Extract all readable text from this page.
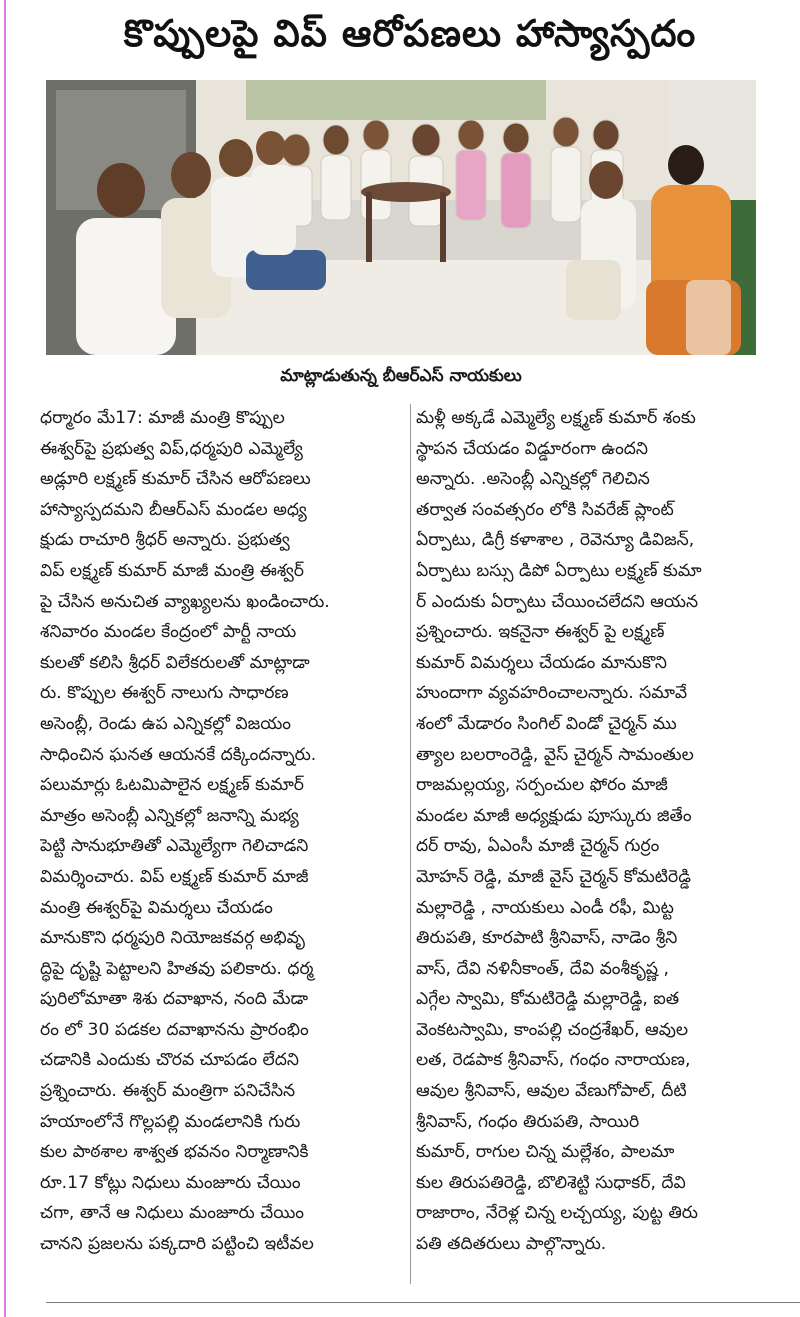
కొప్పులపై విప్ ఆరోపణలు హాస్యాస్పదం
మాట్లాడుతున్న బీఆర్ఎస్ నాయకులు

ధర్మారం మే17: మాజీ మంత్రి కొప్పుల

ఈశ్వర్‌పై ప్రభుత్వ విప్,ధర్మపురి ఎమ్మెల్యే

అడ్లూరి లక్ష్మణ్ కుమార్ చేసిన ఆరోపణలు

హాస్యాస్పదమని బీఆర్ఎస్ మండల అధ్య

క్షుడు రాచూరి శ్రీధర్ అన్నారు. ప్రభుత్వ

విప్ లక్ష్మణ్ కుమార్ మాజీ మంత్రి ఈశ్వర్

పై చేసిన అనుచిత వ్యాఖ్యలను ఖండించారు.

శనివారం మండల కేంద్రంలో పార్టీ నాయ

కులతో కలిసి శ్రీధర్ విలేకరులతో మాట్లాడా

రు. కొప్పుల ఈశ్వర్ నాలుగు సాధారణ

అసెంబ్లీ, రెండు ఉప ఎన్నికల్లో విజయం

సాధించిన ఘనత ఆయనకే దక్కిందన్నారు.

పలుమార్లు ఓటమిపాలైన లక్ష్మణ్ కుమార్

మాత్రం అసెంబ్లీ ఎన్నికల్లో జనాన్ని మభ్య

పెట్టి సానుభూతితో ఎమ్మెల్యేగా గెలిచాడని

విమర్శించారు. విప్ లక్ష్మణ్ కుమార్ మాజీ

మంత్రి ఈశ్వర్‌పై విమర్శలు చేయడం

మానుకొని ధర్మపురి నియోజకవర్గ అభివృ

ద్ధిపై దృష్టి పెట్టాలని హితవు పలికారు. ధర్మ

పురిలోమాతా శిశు దవాఖాన, నంది మేడా

రం లో 30 పడకల దవాఖానను ప్రారంభిం

చడానికి ఎందుకు చొరవ చూపడం లేదని

ప్రశ్నించారు. ఈశ్వర్ మంత్రిగా పనిచేసిన

హయాంలోనే గొల్లపల్లి మండలానికి గురు

కుల పాఠశాల శాశ్వత భవనం నిర్మాణానికి

రూ.17 కోట్లు నిధులు మంజూరు చేయిం

చగా, తానే ఆ నిధులు మంజూరు చేయిం

చానని ప్రజలను పక్కదారి పట్టించి ఇటీవల

మళ్లీ అక్కడే ఎమ్మెల్యే లక్ష్మణ్ కుమార్ శంకు

స్థాపన చేయడం విడ్డూరంగా ఉందని

అన్నారు. .అసెంబ్లీ ఎన్నికల్లో గెలిచిన

తర్వాత సంవత్సరం లోకి సివరేజ్ ప్లాంట్

ఏర్పాటు, డిగ్రీ కళాశాల , రెవెన్యూ డివిజన్,

ఏర్పాటు బస్సు డిపో ఏర్పాటు లక్ష్మణ్ కుమా

ర్ ఎందుకు ఏర్పాటు చేయించలేదని ఆయన

ప్రశ్నించారు. ఇకనైనా ఈశ్వర్ పై లక్ష్మణ్

కుమార్ విమర్శలు చేయడం మానుకొని

హుందాగా వ్యవహరించాలన్నారు. సమావే

శంలో మేడారం సింగిల్ విండో చైర్మన్ ము

త్యాల బలరాంరెడ్డి, వైస్ చైర్మన్ సామంతుల

రాజమల్లయ్య, సర్పంచుల ఫోరం మాజీ

మండల మాజీ అధ్యక్షుడు పూస్కురు జితేం

దర్ రావు, ఏఎంసీ మాజీ చైర్మన్ గుర్రం

మోహన్ రెడ్డి, మాజీ వైస్ చైర్మన్ కోమటిరెడ్డి

మల్లారెడ్డి , నాయకులు ఎండీ రఫీ, మిట్ట

తిరుపతి, కూరపాటి శ్రీనివాస్, నాడెం శ్రీని

వాస్, దేవి నళినీకాంత్, దేవి వంశీకృష్ణ ,

ఎగ్గేల స్వామి, కోమటిరెడ్డి మల్లారెడ్డి, ఐత

వెంకటస్వామి, కాంపల్లి చంద్రశేఖర్, ఆవుల

లత, రెడపాక శ్రీనివాస్, గంధం నారాయణ,

ఆవుల శ్రీనివాస్, ఆవుల వేణుగోపాల్, దీటి

శ్రీనివాస్, గంధం తిరుపతి, సాయిరి

కుమార్, రాగుల చిన్న మల్లేశం, పాలమా

కుల తిరుపతిరెడ్డి, బొలిశెట్టి సుధాకర్, దేవి

రాజారాం, నేరెళ్ల చిన్న లచ్చయ్య, పుట్ట తిరు

పతి తదితరులు పాల్గొన్నారు.
